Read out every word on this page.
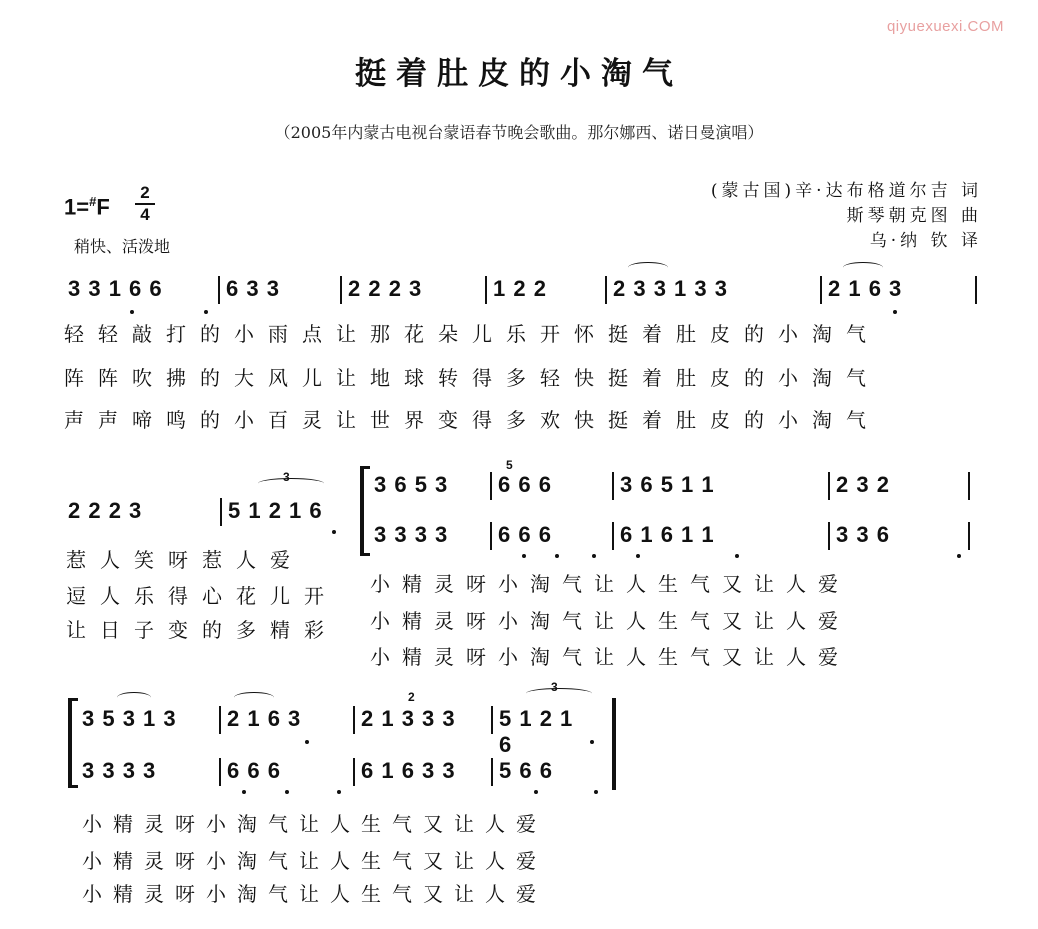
qiyuexuexi.COM
挺着肚皮的小淘气
（2005年内蒙古电视台蒙语春节晚会歌曲。那尔娜西、诺日曼演唱）
(蒙古国)辛·达布格道尔吉 词
斯琴朝克图 曲
乌·纳 钦 译
1=#F
2
4
稍快、活泼地
3 3 1 6 6	6 3 3	2 2 2 3	1 2 2	2 3 3 1 3 3	2 1 6 3
轻轻敲打的小雨点让那花朵儿乐开怀挺着肚皮的小淘气
阵阵吹拂的大风儿让地球转得多轻快挺着肚皮的小淘气
声声啼鸣的小百灵让世界变得多欢快挺着肚皮的小淘气
2 2 2 3	5 1 2 1 6
3	3 6 5 3	6 6 6	3 6 5 1 1	2 3 2
5
3 3 3 3	6 6 6	6 1 6 1 1	3 3 6
惹人笑呀惹人爱
逗人乐得心花儿开
让日子变的多精彩
小精灵呀小淘气让人生气又让人爱
小精灵呀小淘气让人生气又让人爱
小精灵呀小淘气让人生气又让人爱
3 5 3 1 3	2 1 6 3	2 1 3 3 3	5 1 2 1 6
2
3
3 3 3 3	6 6 6	6 1 6 3 3	5 6 6
小精灵呀小淘气让人生气又让人爱
小精灵呀小淘气让人生气又让人爱
小精灵呀小淘气让人生气又让人爱
